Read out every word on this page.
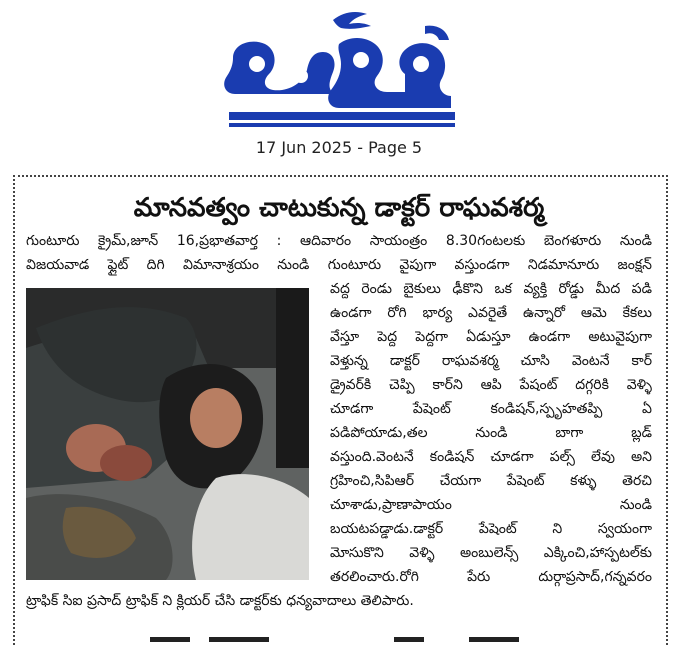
17 Jun 2025 - Page 5
మానవత్వం చాటుకున్న డాక్టర్ రాఘవశర్మ
గుంటూరు క్రైమ్,జూన్ 16,ప్రభాతవార్త : ఆదివారం సాయంత్రం 8.30గంటలకు బెంగళూరు నుండి
విజయవాడ ఫ్లైట్ దిగి విమానాశ్రయం నుండి గుంటూరు వైపుగా వస్తుండగా నిడమానూరు జంక్షన్
వద్ద రెండు బైకులు ఢీకొని ఒక వ్యక్తి రోడ్డు మీద పడి
ఉండగా రోగి భార్య ఎవరైతే ఉన్నారో ఆమె కేకలు
వేస్తూ పెద్ద పెద్దగా ఏడుస్తూ ఉండగా అటువైపుగా
వెళ్తున్న డాక్టర్ రాఘవశర్మ చూసి వెంటనే కార్
డ్రైవర్‌కి చెప్పి కార్‌ని ఆపి పేషంట్ దగ్గరికి వెళ్ళి
చూడగా పేషెంట్ కండిషన్,స్పృహతప్పి ఏ
పడిపోయాడు,తల నుండి బాగా బ్లడ్
వస్తుంది.వెంటనే కండిషన్ చూడగా పల్స్ లేవు అని
గ్రహించి,సిపిఆర్ చేయగా పేషెంట్ కళ్ళు తెరచి
చూశాడు,ప్రాణాపాయం నుండి
బయటపడ్డాడు.డాక్టర్ పేషెంట్ ని స్వయంగా
మోసుకొని వెళ్ళి అంబులెన్స్ ఎక్కించి,హాస్పటల్‌కు
తరలించారు.రోగి పేరు దుర్గాప్రసాద్,గన్నవరం
ట్రాఫిక్ సిఐ ప్రసాద్ ట్రాఫిక్ ని క్లియర్ చేసి డాక్టర్‌కు ధన్యవాదాలు తెలిపారు.
